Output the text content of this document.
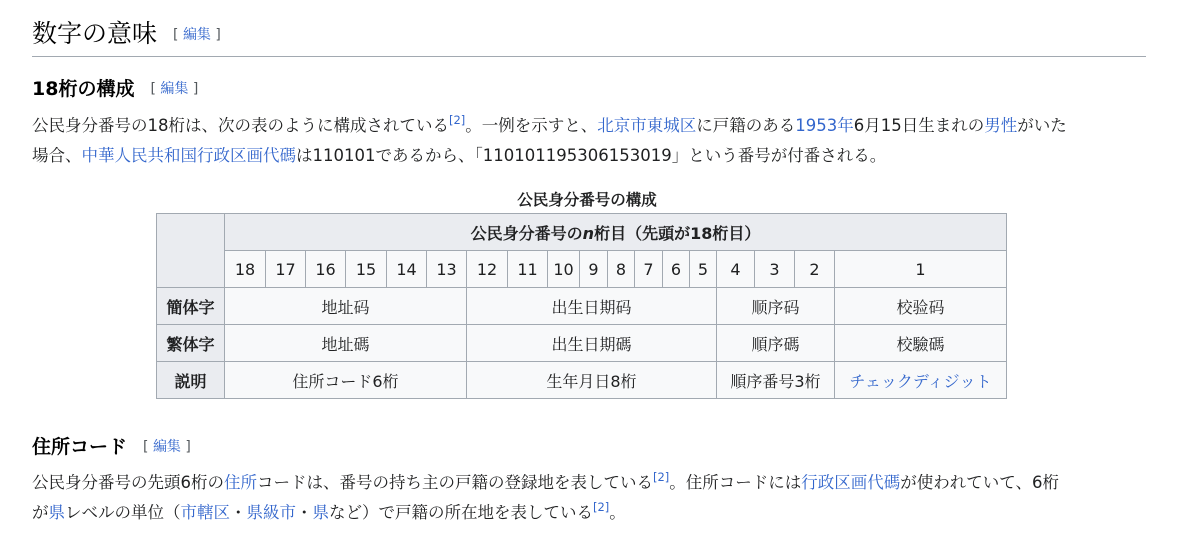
数字の意味 [ 編集 ]
18桁の構成 [ 編集 ]
公民身分番号の18桁は、次の表のように構成されている[2]。一例を示すと、北京市東城区に戸籍のある1953年6月15日生まれの男性がいた
場合、中華人民共和国行政区画代碼は110101であるから、「110101195306153019」という番号が付番される。
公民身分番号の構成
	公民身分番号のn桁目（先頭が18桁目）																	
	18	17	16	15	14	13	12	11	10	9	8	7	6	5	4	3	2	1
簡体字	地址码						出生日期码								顺序码			校验码
繁体字	地址碼						出生日期碼								順序碼			校驗碼
説明	住所コード6桁						生年月日8桁								順序番号3桁			チェックディジット
住所コード [ 編集 ]
公民身分番号の先頭6桁の住所コードは、番号の持ち主の戸籍の登録地を表している[2]。住所コードには行政区画代碼が使われていて、6桁
が県レベルの単位（市轄区・県級市・県など）で戸籍の所在地を表している[2]。
